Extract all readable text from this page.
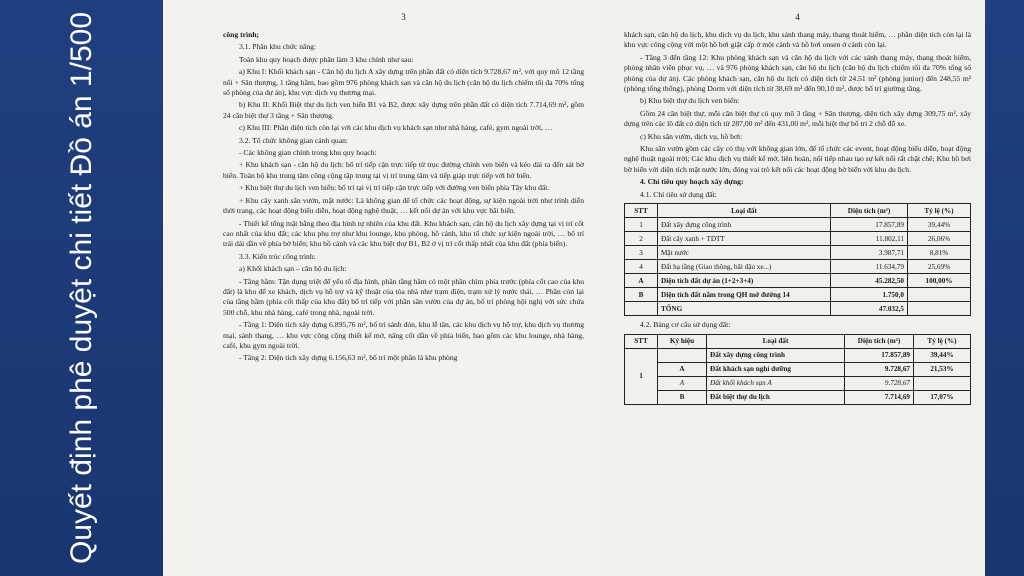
Quyết định phê duyệt chi tiết Đồ án 1/500	3

công trình;

3.1. Phân khu chức năng:

Toàn khu quy hoạch được phân làm 3 khu chính như sau:

a) Khu I: Khối khách sạn - Căn hộ du lịch A xây dựng trên phần đất có diện tích 9.728,67 m², với quy mô 12 tầng nổi + Sân thượng, 1 tầng hầm, bao gồm 976 phòng khách sạn và căn hộ du lịch (căn hộ du lịch chiếm tối đa 70% tổng số phòng của dự án), khu vực dịch vụ thương mại.

b) Khu II: Khối Biệt thự du lịch ven biển B1 và B2, được xây dựng trên phần đất có diện tích 7.714,69 m², gồm 24 căn biệt thự 3 tầng + Sân thượng.

c) Khu III: Phần diện tích còn lại với các khu dịch vụ khách sạn như nhà hàng, café, gym ngoài trời, …

3.2. Tổ chức không gian cảnh quan:

- Các không gian chính trong khu quy hoạch:

+ Khu khách sạn - căn hộ du lịch: bố trí tiếp cận trực tiếp từ trục đường chính ven biển và kéo dài ra đến sát bờ biển. Toàn bộ khu trung tâm công cộng tập trung tại vị trí trung tâm và tiếp giáp trực tiếp với bờ biển.

+ Khu biệt thự du lịch ven biển: bố trí tại vị trí tiếp cận trực tiếp với đường ven biển phía Tây khu đất.

+ Khu cây xanh sân vườn, mặt nước: Là không gian để tổ chức các hoạt động, sự kiện ngoài trời như trình diễn thời trang, các hoạt động biểu diễn, hoạt động nghệ thuật, … kết nối dự án với khu vực bãi biển.

- Thiết kế tổng mặt bằng theo địa hình tự nhiên của khu đất. Khu khách sạn, căn hộ du lịch xây dựng tại vị trí cốt cao nhất của khu đất; các khu phụ trợ như khu lounge, khu phòng, hồ cảnh, khu tổ chức sự kiện ngoài trời, … bố trí trải dài dần về phía bờ biển; khu hồ cảnh và các khu biệt thự B1, B2 ở vị trí cốt thấp nhất của khu đất (phía biển).

3.3. Kiến trúc công trình:

a) Khối khách sạn – căn hộ du lịch:

- Tầng hầm: Tận dụng triệt để yếu tố địa hình, phần tầng hầm có một phần chìm phía trước (phía cốt cao của khu đất) là khu để xe khách, dịch vụ hỗ trợ và kỹ thuật của tòa nhà như trạm điện, trạm xử lý nước thải, … Phần còn lại của tầng hầm (phía cốt thấp của khu đất) bố trí tiếp với phần sân vườn của dự án, bố trí phòng hội nghị với sức chứa 500 chỗ, khu nhà hàng, café trong nhà, ngoài trời.

- Tầng 1: Diện tích xây dựng 6.895,76 m², bố trí sảnh đón, khu lễ tân, các khu dịch vụ hỗ trợ, khu dịch vụ thương mại, sảnh thang, … khu vực công cộng thiết kế mở, nâng cốt dần về phía biển, bao gồm các khu lounge, nhà hàng, café, khu gym ngoài trời.

- Tầng 2: Diện tích xây dựng 6.156,63 m², bố trí một phần là khu phòng

4

khách sạn, căn hộ du lịch, khu dịch vụ du lịch, khu sảnh thang máy, thang thoát hiểm, … phần diện tích còn lại là khu vực công cộng với một hồ bơi giật cấp ở một cảnh và hồ bơi onsen ở cảnh còn lại.

- Tầng 3 đến tầng 12: Khu phòng khách sạn và căn hộ du lịch với các sảnh thang máy, thang thoát hiểm, phòng nhân viên phục vụ, … và 976 phòng khách sạn, căn hộ du lịch (căn hộ du lịch chiếm tối đa 70% tổng số phòng của dự án). Các phòng khách sạn, căn hộ du lịch có diện tích từ 24.51 m² (phòng junior) đến 248,55 m² (phòng tổng thống), phòng Dorm với diện tích từ 38,69 m² đến 90,10 m², được bố trí giường tầng.

b) Khu biệt thự du lịch ven biển:

Gồm 24 căn biệt thự, mỗi căn biệt thự có quy mô 3 tầng + Sân thượng, diện tích xây dựng 309,75 m², xây dựng trên các lô đất có diện tích từ 287,00 m² đến 431,00 m², mỗi biệt thự bố trí 2 chỗ đỗ xe.

c) Khu sân vườn, dịch vụ, hồ bơi:

Khu sân vườn gồm các cây cỏ thụ với không gian lớn, để tổ chức các event, hoạt động biểu diễn, hoạt động nghệ thuật ngoài trời; Các khu dịch vụ thiết kế mở, liên hoàn, nối tiếp nhau tạo sự kết nối rất chặt chẽ; Khu hồ bơi bờ biển với diện tích mặt nước lớn, đóng vai trò kết nối các hoạt động bờ biển với khu du lịch.

4. Chỉ tiêu quy hoạch xây dựng:

4.1. Chỉ tiêu sử dụng đất:

STT	Loại đất	Diện tích (m²)	Tỷ lệ (%)
1	Đất xây dựng công trình	17.857,89	39,44%
2	Đất cây xanh + TDTT	11.802,11	26,06%
3	Mặt nước	3.987,71	8,81%
4	Đất hạ tầng (Giao thông, bãi đậu xe...)	11.634,79	25,69%
A	Diện tích đất dự án (1+2+3+4)	45.282,50	100,00%
B	Diện tích đất nằm trong QH mở đường 14	1.750,0	
	TỔNG	47.032,5	

4.2. Bảng cơ cấu sử dụng đất:

STT	Ký hiệu	Loại đất	Diện tích (m²)	Tỷ lệ (%)
1		Đất xây dựng công trình	17.857,89	39,44%
	A	Đất khách sạn nghỉ dưỡng	9.728,67	21,53%
	A	Đất khối khách sạn A	9.728,67	
	B	Đất biệt thự du lịch	7.714,69	17,07%
